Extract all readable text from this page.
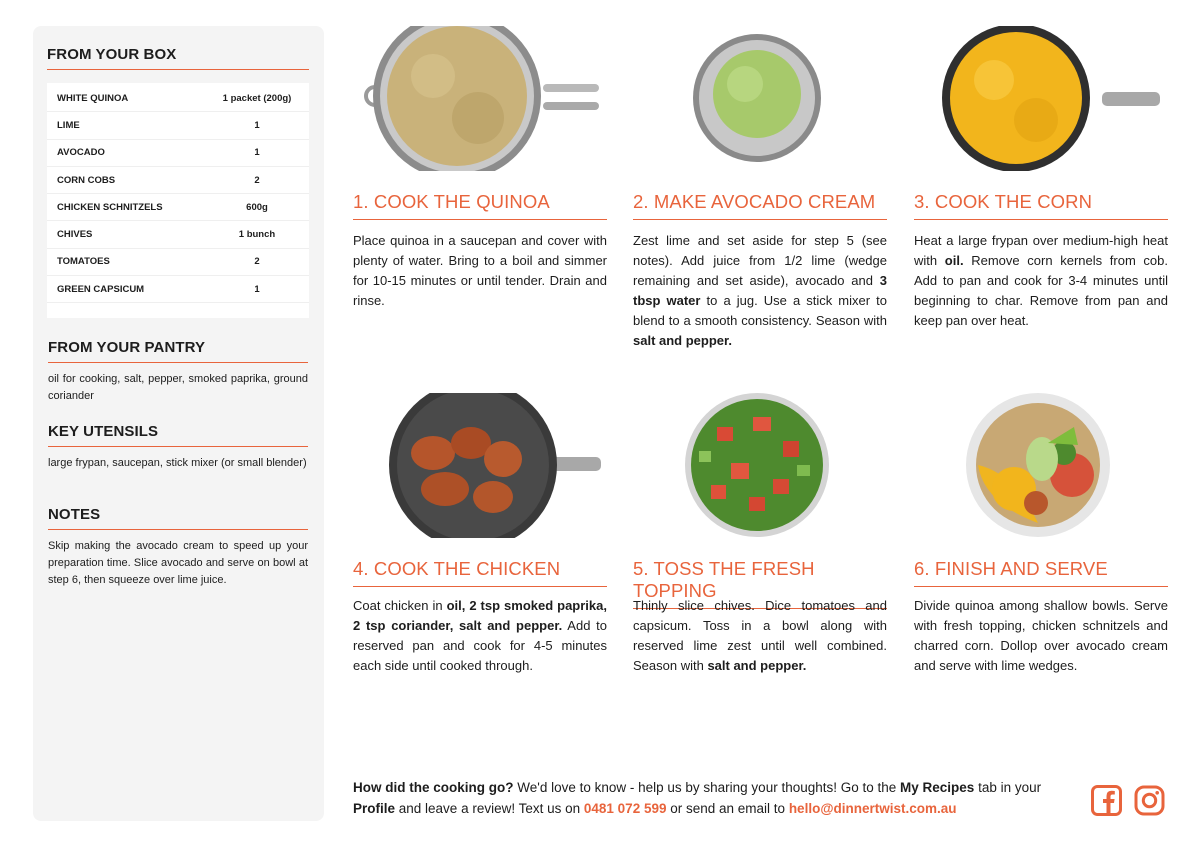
FROM YOUR BOX
WHITE QUINOA	1 packet (200g)
LIME	1
AVOCADO	1
CORN COBS	2
CHICKEN SCHNITZELS	600g
CHIVES	1 bunch
TOMATOES	2
GREEN CAPSICUM	1
FROM YOUR PANTRY
oil for cooking, salt, pepper, smoked paprika, ground coriander
KEY UTENSILS
large frypan, saucepan, stick mixer (or small blender)
NOTES
Skip making the avocado cream to speed up your preparation time. Slice avocado and serve on bowl at step 6, then squeeze over lime juice.
1. COOK THE QUINOA
Place quinoa in a saucepan and cover with plenty of water. Bring to a boil and simmer for 10-15 minutes or until tender. Drain and rinse.
2. MAKE AVOCADO CREAM
Zest lime and set aside for step 5 (see notes). Add juice from 1/2 lime (wedge remaining and set aside), avocado and 3 tbsp water to a jug. Use a stick mixer to blend to a smooth consistency. Season with salt and pepper.
3. COOK THE CORN
Heat a large frypan over medium-high heat with oil. Remove corn kernels from cob. Add to pan and cook for 3-4 minutes until beginning to char. Remove from pan and keep pan over heat.
4. COOK THE CHICKEN
Coat chicken in oil, 2 tsp smoked paprika, 2 tsp coriander, salt and pepper. Add to reserved pan and cook for 4-5 minutes each side until cooked through.
5. TOSS THE FRESH TOPPING
Thinly slice chives. Dice tomatoes and capsicum. Toss in a bowl along with reserved lime zest until well combined. Season with salt and pepper.
6. FINISH AND SERVE
Divide quinoa among shallow bowls. Serve with fresh topping, chicken schnitzels and charred corn. Dollop over avocado cream and serve with lime wedges.
How did the cooking go? We'd love to know - help us by sharing your thoughts! Go to the My Recipes tab in your Profile and leave a review! Text us on 0481 072 599 or send an email to hello@dinnertwist.com.au
